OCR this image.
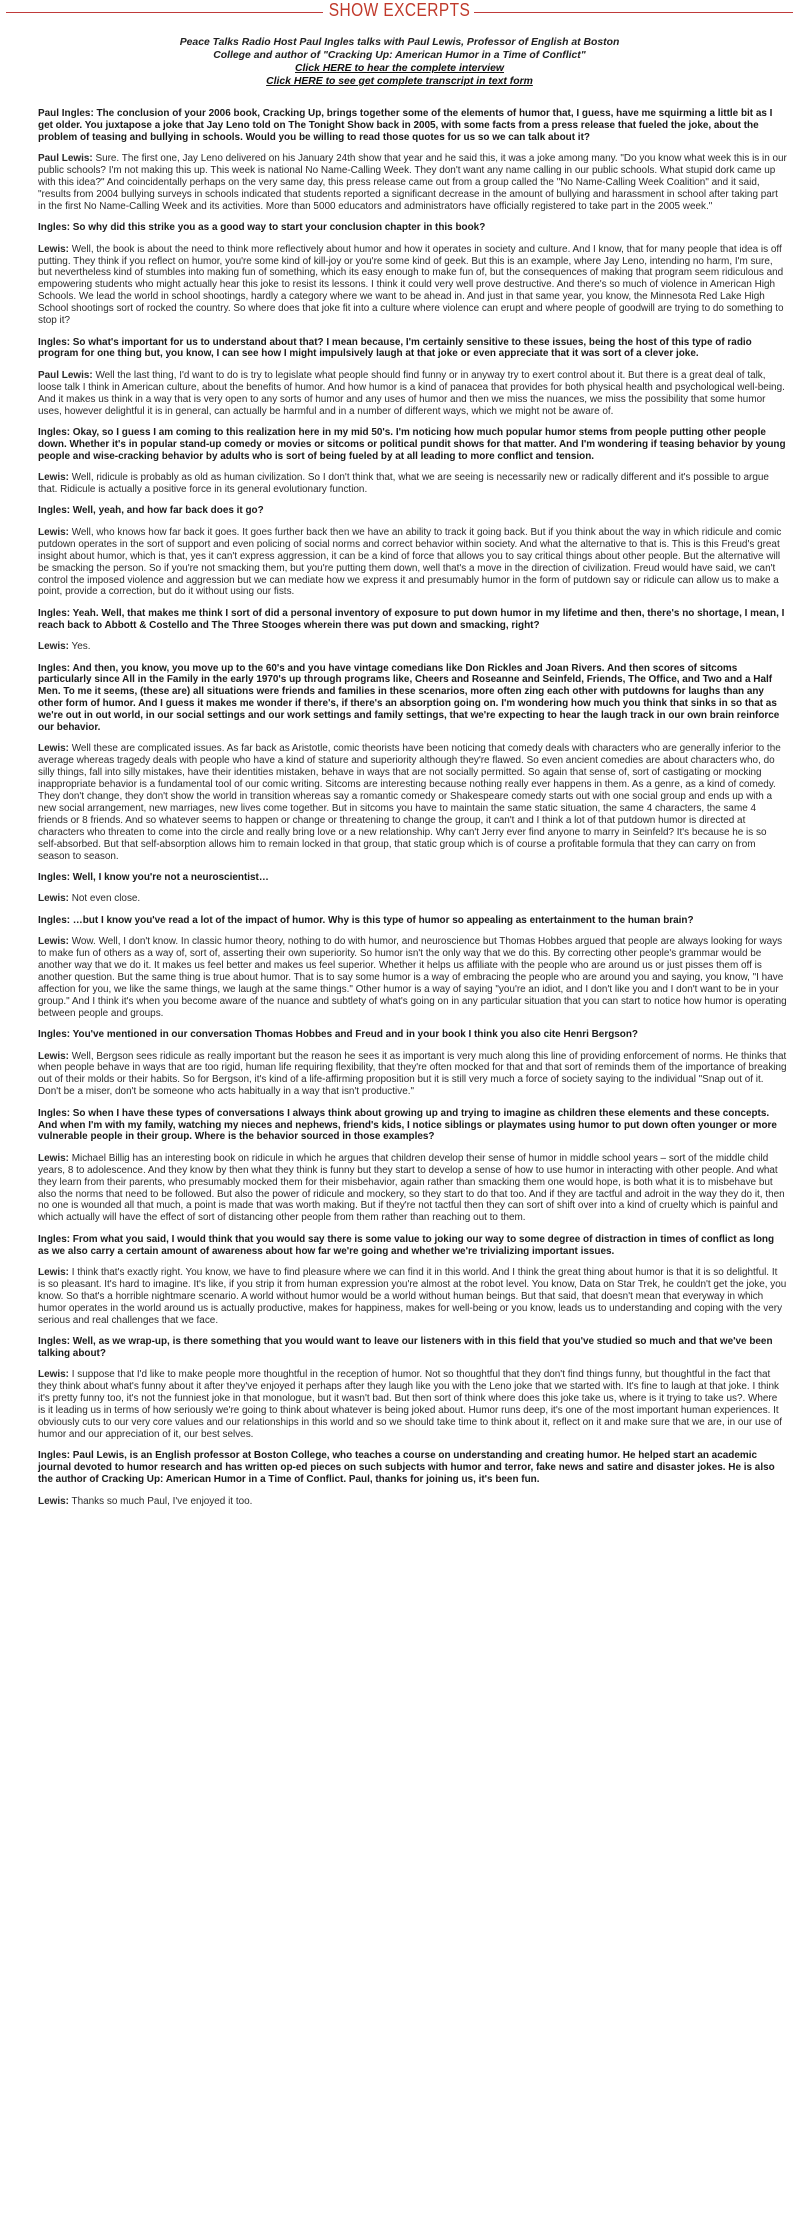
SHOW EXCERPTS
Peace Talks Radio Host Paul Ingles talks with Paul Lewis, Professor of English at Boston
College and author of "Cracking Up: American Humor in a Time of Conflict"
Click HERE to hear the complete interview
Click HERE to see get complete transcript in text form

Paul Ingles: The conclusion of your 2006 book, Cracking Up, brings together some of the elements of humor that, I guess, have me squirming a little bit as I get older. You juxtapose a joke that Jay Leno told on The Tonight Show back in 2005, with some facts from a press release that fueled the joke, about the problem of teasing and bullying in schools. Would you be willing to read those quotes for us so we can talk about it?

Paul Lewis: Sure. The first one, Jay Leno delivered on his January 24th show that year and he said this, it was a joke among many. "Do you know what week this is in our public schools? I'm not making this up. This week is national No Name-Calling Week. They don't want any name calling in our public schools. What stupid dork came up with this idea?" And coincidentally perhaps on the very same day, this press release came out from a group called the "No Name-Calling Week Coalition" and it said, "results from 2004 bullying surveys in schools indicated that students reported a significant decrease in the amount of bullying and harassment in school after taking part in the first No Name-Calling Week and its activities. More than 5000 educators and administrators have officially registered to take part in the 2005 week."

Ingles: So why did this strike you as a good way to start your conclusion chapter in this book?

Lewis: Well, the book is about the need to think more reflectively about humor and how it operates in society and culture. And I know, that for many people that idea is off putting. They think if you reflect on humor, you're some kind of kill-joy or you're some kind of geek. But this is an example, where Jay Leno, intending no harm, I'm sure, but nevertheless kind of stumbles into making fun of something, which its easy enough to make fun of, but the consequences of making that program seem ridiculous and empowering students who might actually hear this joke to resist its lessons. I think it could very well prove destructive. And there's so much of violence in American High Schools. We lead the world in school shootings, hardly a category where we want to be ahead in. And just in that same year, you know, the Minnesota Red Lake High School shootings sort of rocked the country. So where does that joke fit into a culture where violence can erupt and where people of goodwill are trying to do something to stop it?

Ingles: So what's important for us to understand about that? I mean because, I'm certainly sensitive to these issues, being the host of this type of radio program for one thing but, you know, I can see how I might impulsively laugh at that joke or even appreciate that it was sort of a clever joke.

Paul Lewis: Well the last thing, I'd want to do is try to legislate what people should find funny or in anyway try to exert control about it. But there is a great deal of talk, loose talk I think in American culture, about the benefits of humor. And how humor is a kind of panacea that provides for both physical health and psychological well-being. And it makes us think in a way that is very open to any sorts of humor and any uses of humor and then we miss the nuances, we miss the possibility that some humor uses, however delightful it is in general, can actually be harmful and in a number of different ways, which we might not be aware of.

Ingles: Okay, so I guess I am coming to this realization here in my mid 50's. I'm noticing how much popular humor stems from people putting other people down. Whether it's in popular stand-up comedy or movies or sitcoms or political pundit shows for that matter. And I'm wondering if teasing behavior by young people and wise-cracking behavior by adults who is sort of being fueled by at all leading to more conflict and tension.

Lewis: Well, ridicule is probably as old as human civilization. So I don't think that, what we are seeing is necessarily new or radically different and it's possible to argue that. Ridicule is actually a positive force in its general evolutionary function.

Ingles: Well, yeah, and how far back does it go?

Lewis: Well, who knows how far back it goes. It goes further back then we have an ability to track it going back. But if you think about the way in which ridicule and comic putdown operates in the sort of support and even policing of social norms and correct behavior within society. And what the alternative to that is. This is this Freud's great insight about humor, which is that, yes it can't express aggression, it can be a kind of force that allows you to say critical things about other people. But the alternative will be smacking the person. So if you're not smacking them, but you're putting them down, well that's a move in the direction of civilization. Freud would have said, we can't control the imposed violence and aggression but we can mediate how we express it and presumably humor in the form of putdown say or ridicule can allow us to make a point, provide a correction, but do it without using our fists.

Ingles: Yeah. Well, that makes me think I sort of did a personal inventory of exposure to put down humor in my lifetime and then, there's no shortage, I mean, I reach back to Abbott & Costello and The Three Stooges wherein there was put down and smacking, right?

Lewis: Yes.

Ingles: And then, you know, you move up to the 60's and you have vintage comedians like Don Rickles and Joan Rivers. And then scores of sitcoms particularly since All in the Family in the early 1970's up through programs like, Cheers and Roseanne and Seinfeld, Friends, The Office, and Two and a Half Men. To me it seems, (these are) all situations were friends and families in these scenarios, more often zing each other with putdowns for laughs than any other form of humor. And I guess it makes me wonder if there's, if there's an absorption going on. I'm wondering how much you think that sinks in so that as we're out in out world, in our social settings and our work settings and family settings, that we're expecting to hear the laugh track in our own brain reinforce our behavior.

Lewis: Well these are complicated issues. As far back as Aristotle, comic theorists have been noticing that comedy deals with characters who are generally inferior to the average whereas tragedy deals with people who have a kind of stature and superiority although they're flawed. So even ancient comedies are about characters who, do silly things, fall into silly mistakes, have their identities mistaken, behave in ways that are not socially permitted. So again that sense of, sort of castigating or mocking inappropriate behavior is a fundamental tool of our comic writing. Sitcoms are interesting because nothing really ever happens in them. As a genre, as a kind of comedy. They don't change, they don't show the world in transition whereas say a romantic comedy or Shakespeare comedy starts out with one social group and ends up with a new social arrangement, new marriages, new lives come together. But in sitcoms you have to maintain the same static situation, the same 4 characters, the same 4 friends or 8 friends. And so whatever seems to happen or change or threatening to change the group, it can't and I think a lot of that putdown humor is directed at characters who threaten to come into the circle and really bring love or a new relationship. Why can't Jerry ever find anyone to marry in Seinfeld? It's because he is so self-absorbed. But that self-absorption allows him to remain locked in that group, that static group which is of course a profitable formula that they can carry on from season to season.

Ingles: Well, I know you're not a neuroscientist…

Lewis: Not even close.

Ingles: …but I know you've read a lot of the impact of humor. Why is this type of humor so appealing as entertainment to the human brain?

Lewis: Wow. Well, I don't know. In classic humor theory, nothing to do with humor, and neuroscience but Thomas Hobbes argued that people are always looking for ways to make fun of others as a way of, sort of, asserting their own superiority. So humor isn't the only way that we do this. By correcting other people's grammar would be another way that we do it. It makes us feel better and makes us feel superior. Whether it helps us affiliate with the people who are around us or just pisses them off is another question. But the same thing is true about humor. That is to say some humor is a way of embracing the people who are around you and saying, you know, "I have affection for you, we like the same things, we laugh at the same things." Other humor is a way of saying "you're an idiot, and I don't like you and I don't want to be in your group." And I think it's when you become aware of the nuance and subtlety of what's going on in any particular situation that you can start to notice how humor is operating between people and groups.

Ingles: You've mentioned in our conversation Thomas Hobbes and Freud and in your book I think you also cite Henri Bergson?

Lewis: Well, Bergson sees ridicule as really important but the reason he sees it as important is very much along this line of providing enforcement of norms. He thinks that when people behave in ways that are too rigid, human life requiring flexibility, that they're often mocked for that and that sort of reminds them of the importance of breaking out of their molds or their habits. So for Bergson, it's kind of a life-affirming proposition but it is still very much a force of society saying to the individual "Snap out of it. Don't be a miser, don't be someone who acts habitually in a way that isn't productive."

Ingles: So when I have these types of conversations I always think about growing up and trying to imagine as children these elements and these concepts. And when I'm with my family, watching my nieces and nephews, friend's kids, I notice siblings or playmates using humor to put down often younger or more vulnerable people in their group. Where is the behavior sourced in those examples?

Lewis: Michael Billig has an interesting book on ridicule in which he argues that children develop their sense of humor in middle school years – sort of the middle child years, 8 to adolescence. And they know by then what they think is funny but they start to develop a sense of how to use humor in interacting with other people. And what they learn from their parents, who presumably mocked them for their misbehavior, again rather than smacking them one would hope, is both what it is to misbehave but also the norms that need to be followed. But also the power of ridicule and mockery, so they start to do that too. And if they are tactful and adroit in the way they do it, then no one is wounded all that much, a point is made that was worth making. But if they're not tactful then they can sort of shift over into a kind of cruelty which is painful and which actually will have the effect of sort of distancing other people from them rather than reaching out to them.

Ingles: From what you said, I would think that you would say there is some value to joking our way to some degree of distraction in times of conflict as long as we also carry a certain amount of awareness about how far we're going and whether we're trivializing important issues.

Lewis: I think that's exactly right. You know, we have to find pleasure where we can find it in this world. And I think the great thing about humor is that it is so delightful. It is so pleasant. It's hard to imagine. It's like, if you strip it from human expression you're almost at the robot level. You know, Data on Star Trek, he couldn't get the joke, you know. So that's a horrible nightmare scenario. A world without humor would be a world without human beings. But that said, that doesn't mean that everyway in which humor operates in the world around us is actually productive, makes for happiness, makes for well-being or you know, leads us to understanding and coping with the very serious and real challenges that we face.

Ingles: Well, as we wrap-up, is there something that you would want to leave our listeners with in this field that you've studied so much and that we've been talking about?

Lewis: I suppose that I'd like to make people more thoughtful in the reception of humor. Not so thoughtful that they don't find things funny, but thoughtful in the fact that they think about what's funny about it after they've enjoyed it perhaps after they laugh like you with the Leno joke that we started with. It's fine to laugh at that joke. I think it's pretty funny too, it's not the funniest joke in that monologue, but it wasn't bad. But then sort of think where does this joke take us, where is it trying to take us?. Where is it leading us in terms of how seriously we're going to think about whatever is being joked about. Humor runs deep, it's one of the most important human experiences. It obviously cuts to our very core values and our relationships in this world and so we should take time to think about it, reflect on it and make sure that we are, in our use of humor and our appreciation of it, our best selves.

Ingles: Paul Lewis, is an English professor at Boston College, who teaches a course on understanding and creating humor. He helped start an academic journal devoted to humor research and has written op-ed pieces on such subjects with humor and terror, fake news and satire and disaster jokes. He is also the author of Cracking Up: American Humor in a Time of Conflict. Paul, thanks for joining us, it's been fun.

Lewis: Thanks so much Paul, I've enjoyed it too.
